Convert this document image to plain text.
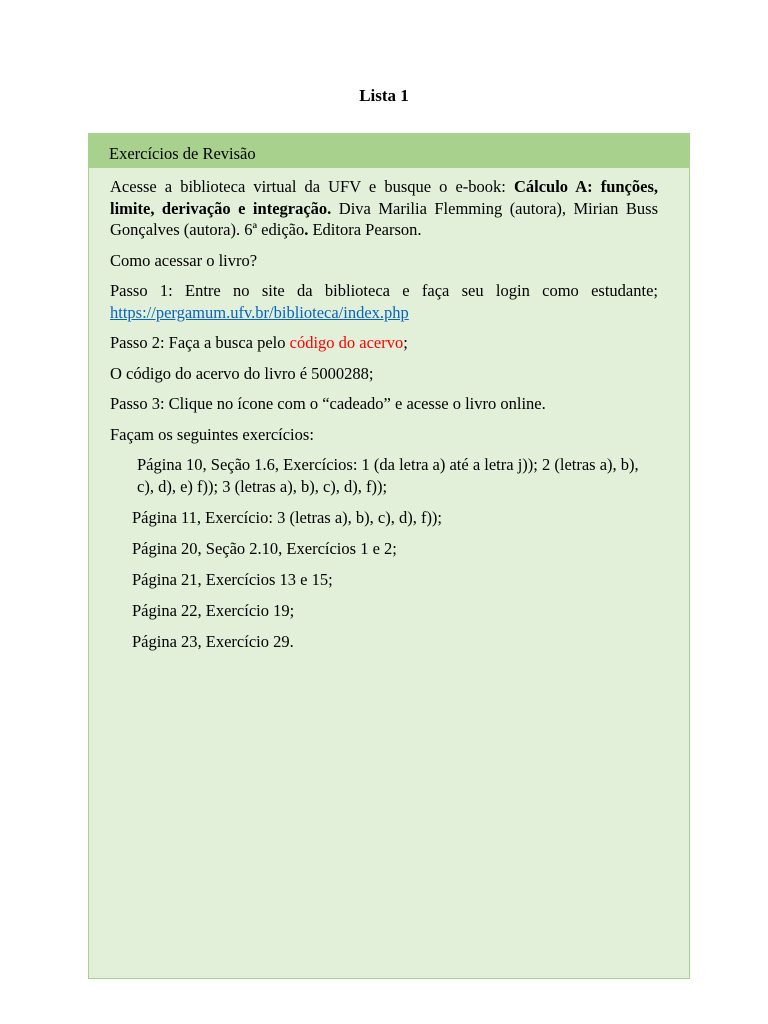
Lista 1
Exercícios de Revisão

Acesse a biblioteca virtual da UFV e busque o e-book: Cálculo A: funções, limite, derivação e integração. Diva Marilia Flemming (autora), Mirian Buss Gonçalves (autora). 6ª edição. Editora Pearson.

Como acessar o livro?

Passo 1: Entre no site da biblioteca e faça seu login como estudante; https://pergamum.ufv.br/biblioteca/index.php

Passo 2: Faça a busca pelo código do acervo;

O código do acervo do livro é 5000288;

Passo 3: Clique no ícone com o “cadeado” e acesse o livro online.

Façam os seguintes exercícios:

Página 10, Seção 1.6, Exercícios: 1 (da letra a) até a letra j)); 2 (letras a), b), c), d), e) f)); 3 (letras a), b), c), d), f));

Página 11, Exercício: 3 (letras a), b), c), d), f));

Página 20, Seção 2.10, Exercícios 1 e 2;

Página 21, Exercícios 13 e 15;

Página 22, Exercício 19;

Página 23, Exercício 29.
